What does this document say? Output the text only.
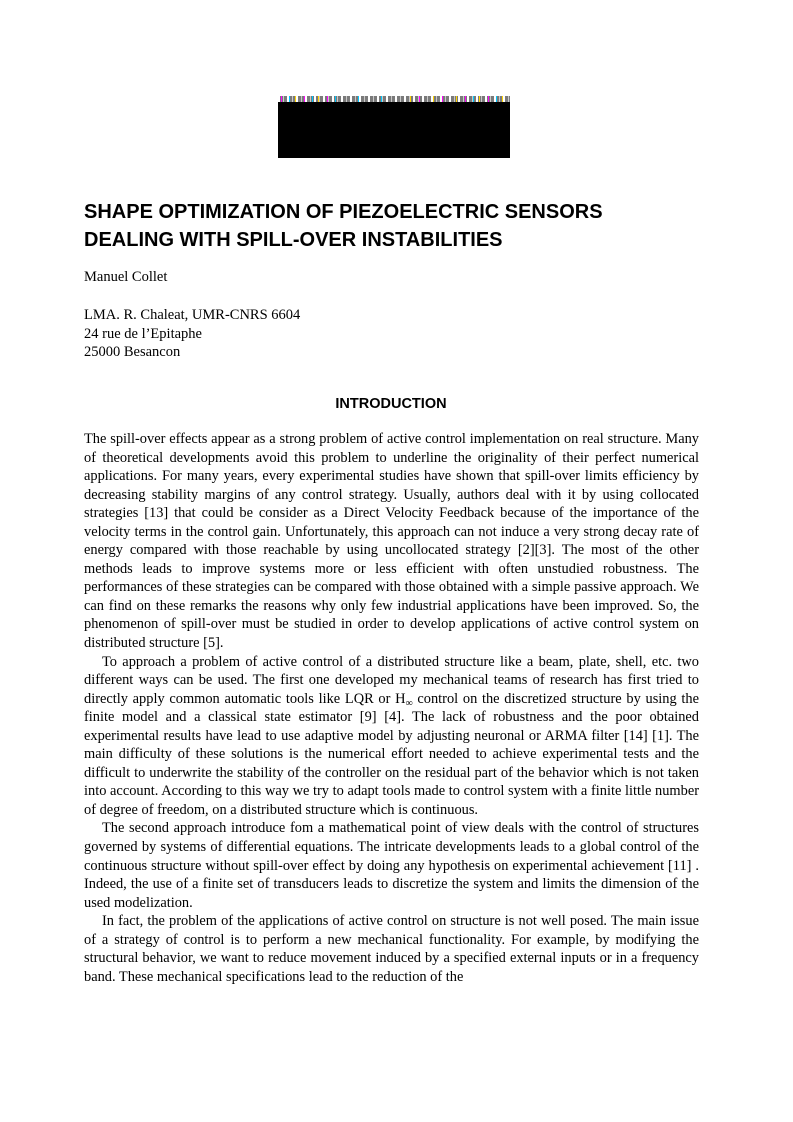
SHAPE OPTIMIZATION OF PIEZOELECTRIC SENSORS
DEALING WITH SPILL-OVER INSTABILITIES
Manuel Collet
LMA. R. Chaleat, UMR-CNRS 6604
24 rue de l’Epitaphe
25000 Besancon
INTRODUCTION

The spill-over effects appear as a strong problem of active control implementation on real structure. Many of theoretical developments avoid this problem to underline the originality of their perfect numerical applications. For many years, every experimental studies have shown that spill-over limits efficiency by decreasing stability margins of any control strategy. Usually, authors deal with it by using collocated strategies [13] that could be consider as a Direct Velocity Feedback because of the importance of the velocity terms in the control gain. Unfortunately, this approach can not induce a very strong decay rate of energy compared with those reachable by using uncollocated strategy [2][3]. The most of the other methods leads to improve systems more or less efficient with often unstudied robustness. The performances of these strategies can be compared with those obtained with a simple passive approach. We can find on these remarks the reasons why only few industrial applications have been improved. So, the phenomenon of spill-over must be studied in order to develop applications of active control system on distributed structure [5].

To approach a problem of active control of a distributed structure like a beam, plate, shell, etc. two different ways can be used. The first one developed my mechanical teams of research has first tried to directly apply common automatic tools like LQR or $H_\infty$ control on the discretized structure by using the finite model and a classical state estimator [9] [4]. The lack of robustness and the poor obtained experimental results have lead to use adaptive model by adjusting neuronal or ARMA filter [14] [1]. The main difficulty of these solutions is the numerical effort needed to achieve experimental tests and the difficult to underwrite the stability of the controller on the residual part of the behavior which is not taken into account. According to this way we try to adapt tools made to control system with a finite little number of degree of freedom, on a distributed structure which is continuous.

The second approach introduce fom a mathematical point of view deals with the control of structures governed by systems of differential equations. The intricate developments leads to a global control of the continuous structure without spill-over effect by doing any hypothesis on experimental achievement [11] . Indeed, the use of a finite set of transducers leads to discretize the system and limits the dimension of the used modelization.

In fact, the problem of the applications of active control on structure is not well posed. The main issue of a strategy of control is to perform a new mechanical functionality. For example, by modifying the structural behavior, we want to reduce movement induced by a specified external inputs or in a frequency band. These mechanical specifications lead to the reduction of the
